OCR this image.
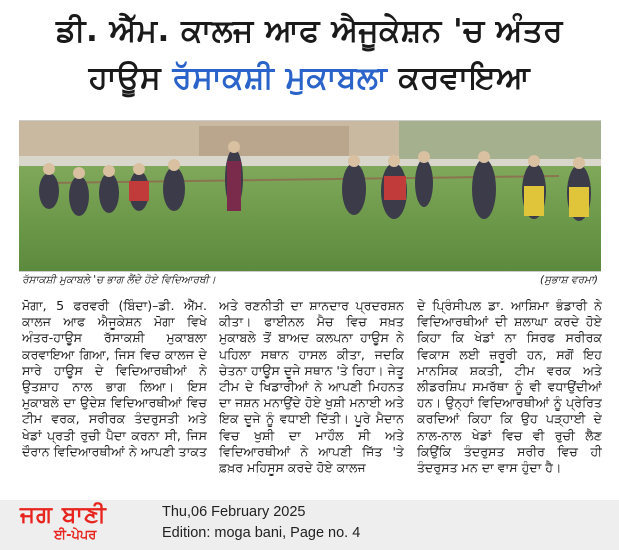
ਡੀ. ਐੱਮ. ਕਾਲਜ ਆਫ ਐਜੂਕੇਸ਼ਨ 'ਚ ਅੰਤਰ
ਹਾਊਸ ਰੱਸਾਕਸ਼ੀ ਮੁਕਾਬਲਾ ਕਰਵਾਇਆ
ਰੱਸਾਕਸ਼ੀ ਮੁਕਾਬਲੇ 'ਚ ਭਾਗ ਲੈਂਦੇ ਹੋਏ ਵਿਦਿਆਰਥੀ।	(ਸੁਭਾਸ਼ ਵਰਮਾ)

ਮੋਗਾ, 5 ਫਰਵਰੀ (ਬਿੰਦਾ)–ਡੀ. ਐੱਮ. ਕਾਲਜ ਆਫ ਐਜੂਕੇਸ਼ਨ ਮੋਗਾ ਵਿਖੇ ਅੰਤਰ-ਹਾਊਸ ਰੱਸਾਕਸ਼ੀ ਮੁਕਾਬਲਾ ਕਰਵਾਇਆ ਗਿਆ, ਜਿਸ ਵਿਚ ਕਾਲਜ ਦੇ ਸਾਰੇ ਹਾਊਸ ਦੇ ਵਿਦਿਆਰਥੀਆਂ ਨੇ ਉਤਸ਼ਾਹ ਨਾਲ ਭਾਗ ਲਿਆ। ਇਸ ਮੁਕਾਬਲੇ ਦਾ ਉਦੇਸ਼ ਵਿਦਿਆਰਥੀਆਂ ਵਿਚ ਟੀਮ ਵਰਕ, ਸਰੀਰਕ ਤੰਦਰੁਸਤੀ ਅਤੇ ਖੇਡਾਂ ਪ੍ਰਤੀ ਰੁਚੀ ਪੈਦਾ ਕਰਨਾ ਸੀ, ਜਿਸ ਦੌਰਾਨ ਵਿਦਿਆਰਥੀਆਂ ਨੇ ਆਪਣੀ ਤਾਕਤ

ਅਤੇ ਰਣਨੀਤੀ ਦਾ ਸ਼ਾਨਦਾਰ ਪ੍ਰਦਰਸ਼ਨ ਕੀਤਾ। ਫਾਈਨਲ ਮੈਚ ਵਿਚ ਸਖ਼ਤ ਮੁਕਾਬਲੇ ਤੋਂ ਬਾਅਦ ਕਲਪਨਾ ਹਾਊਸ ਨੇ ਪਹਿਲਾ ਸਥਾਨ ਹਾਸਲ ਕੀਤਾ, ਜਦਕਿ ਚੇਤਨਾ ਹਾਊਸ ਦੂਜੇ ਸਥਾਨ 'ਤੇ ਰਿਹਾ। ਜੇਤੂ ਟੀਮ ਦੇ ਖਿਡਾਰੀਆਂ ਨੇ ਆਪਣੀ ਮਿਹਨਤ ਦਾ ਜਸ਼ਨ ਮਨਾਉਂਦੇ ਹੋਏ ਖੁਸ਼ੀ ਮਨਾਈ ਅਤੇ ਇਕ ਦੂਜੇ ਨੂੰ ਵਧਾਈ ਦਿੱਤੀ। ਪੂਰੇ ਮੈਦਾਨ ਵਿਚ ਖੁਸ਼ੀ ਦਾ ਮਾਹੌਲ ਸੀ ਅਤੇ ਵਿਦਿਆਰਥੀਆਂ ਨੇ ਆਪਣੀ ਜਿੱਤ 'ਤੇ ਫ਼ਖ਼ਰ ਮਹਿਸੂਸ ਕਰਦੇ ਹੋਏ ਕਾਲਜ

ਦੇ ਪ੍ਰਿੰਸੀਪਲ ਡਾ. ਆਸ਼ਿਮਾ ਭੰਡਾਰੀ ਨੇ ਵਿਦਿਆਰਥੀਆਂ ਦੀ ਸ਼ਲਾਘਾ ਕਰਦੇ ਹੋਏ ਕਿਹਾ ਕਿ ਖੇਡਾਂ ਨਾ ਸਿਰਫ ਸਰੀਰਕ ਵਿਕਾਸ ਲਈ ਜ਼ਰੂਰੀ ਹਨ, ਸਗੋਂ ਇਹ ਮਾਨਸਿਕ ਸ਼ਕਤੀ, ਟੀਮ ਵਰਕ ਅਤੇ ਲੀਡਰਸ਼ਿਪ ਸਮਰੱਥਾ ਨੂੰ ਵੀ ਵਧਾਉਂਦੀਆਂ ਹਨ। ਉਨ੍ਹਾਂ ਵਿਦਿਆਰਥੀਆਂ ਨੂੰ ਪ੍ਰੇਰਿਤ ਕਰਦਿਆਂ ਕਿਹਾ ਕਿ ਉਹ ਪੜ੍ਹਾਈ ਦੇ ਨਾਲ-ਨਾਲ ਖੇਡਾਂ ਵਿਚ ਵੀ ਰੁਚੀ ਲੈਣ ਕਿਉਂਕਿ ਤੰਦਰੁਸਤ ਸਰੀਰ ਵਿਚ ਹੀ ਤੰਦਰੁਸਤ ਮਨ ਦਾ ਵਾਸ ਹੁੰਦਾ ਹੈ।

ਜਗ ਬਾਣੀ
ਈ-ਪੇਪਰ
Thu,06 February 2025
Edition: moga bani, Page no. 4
